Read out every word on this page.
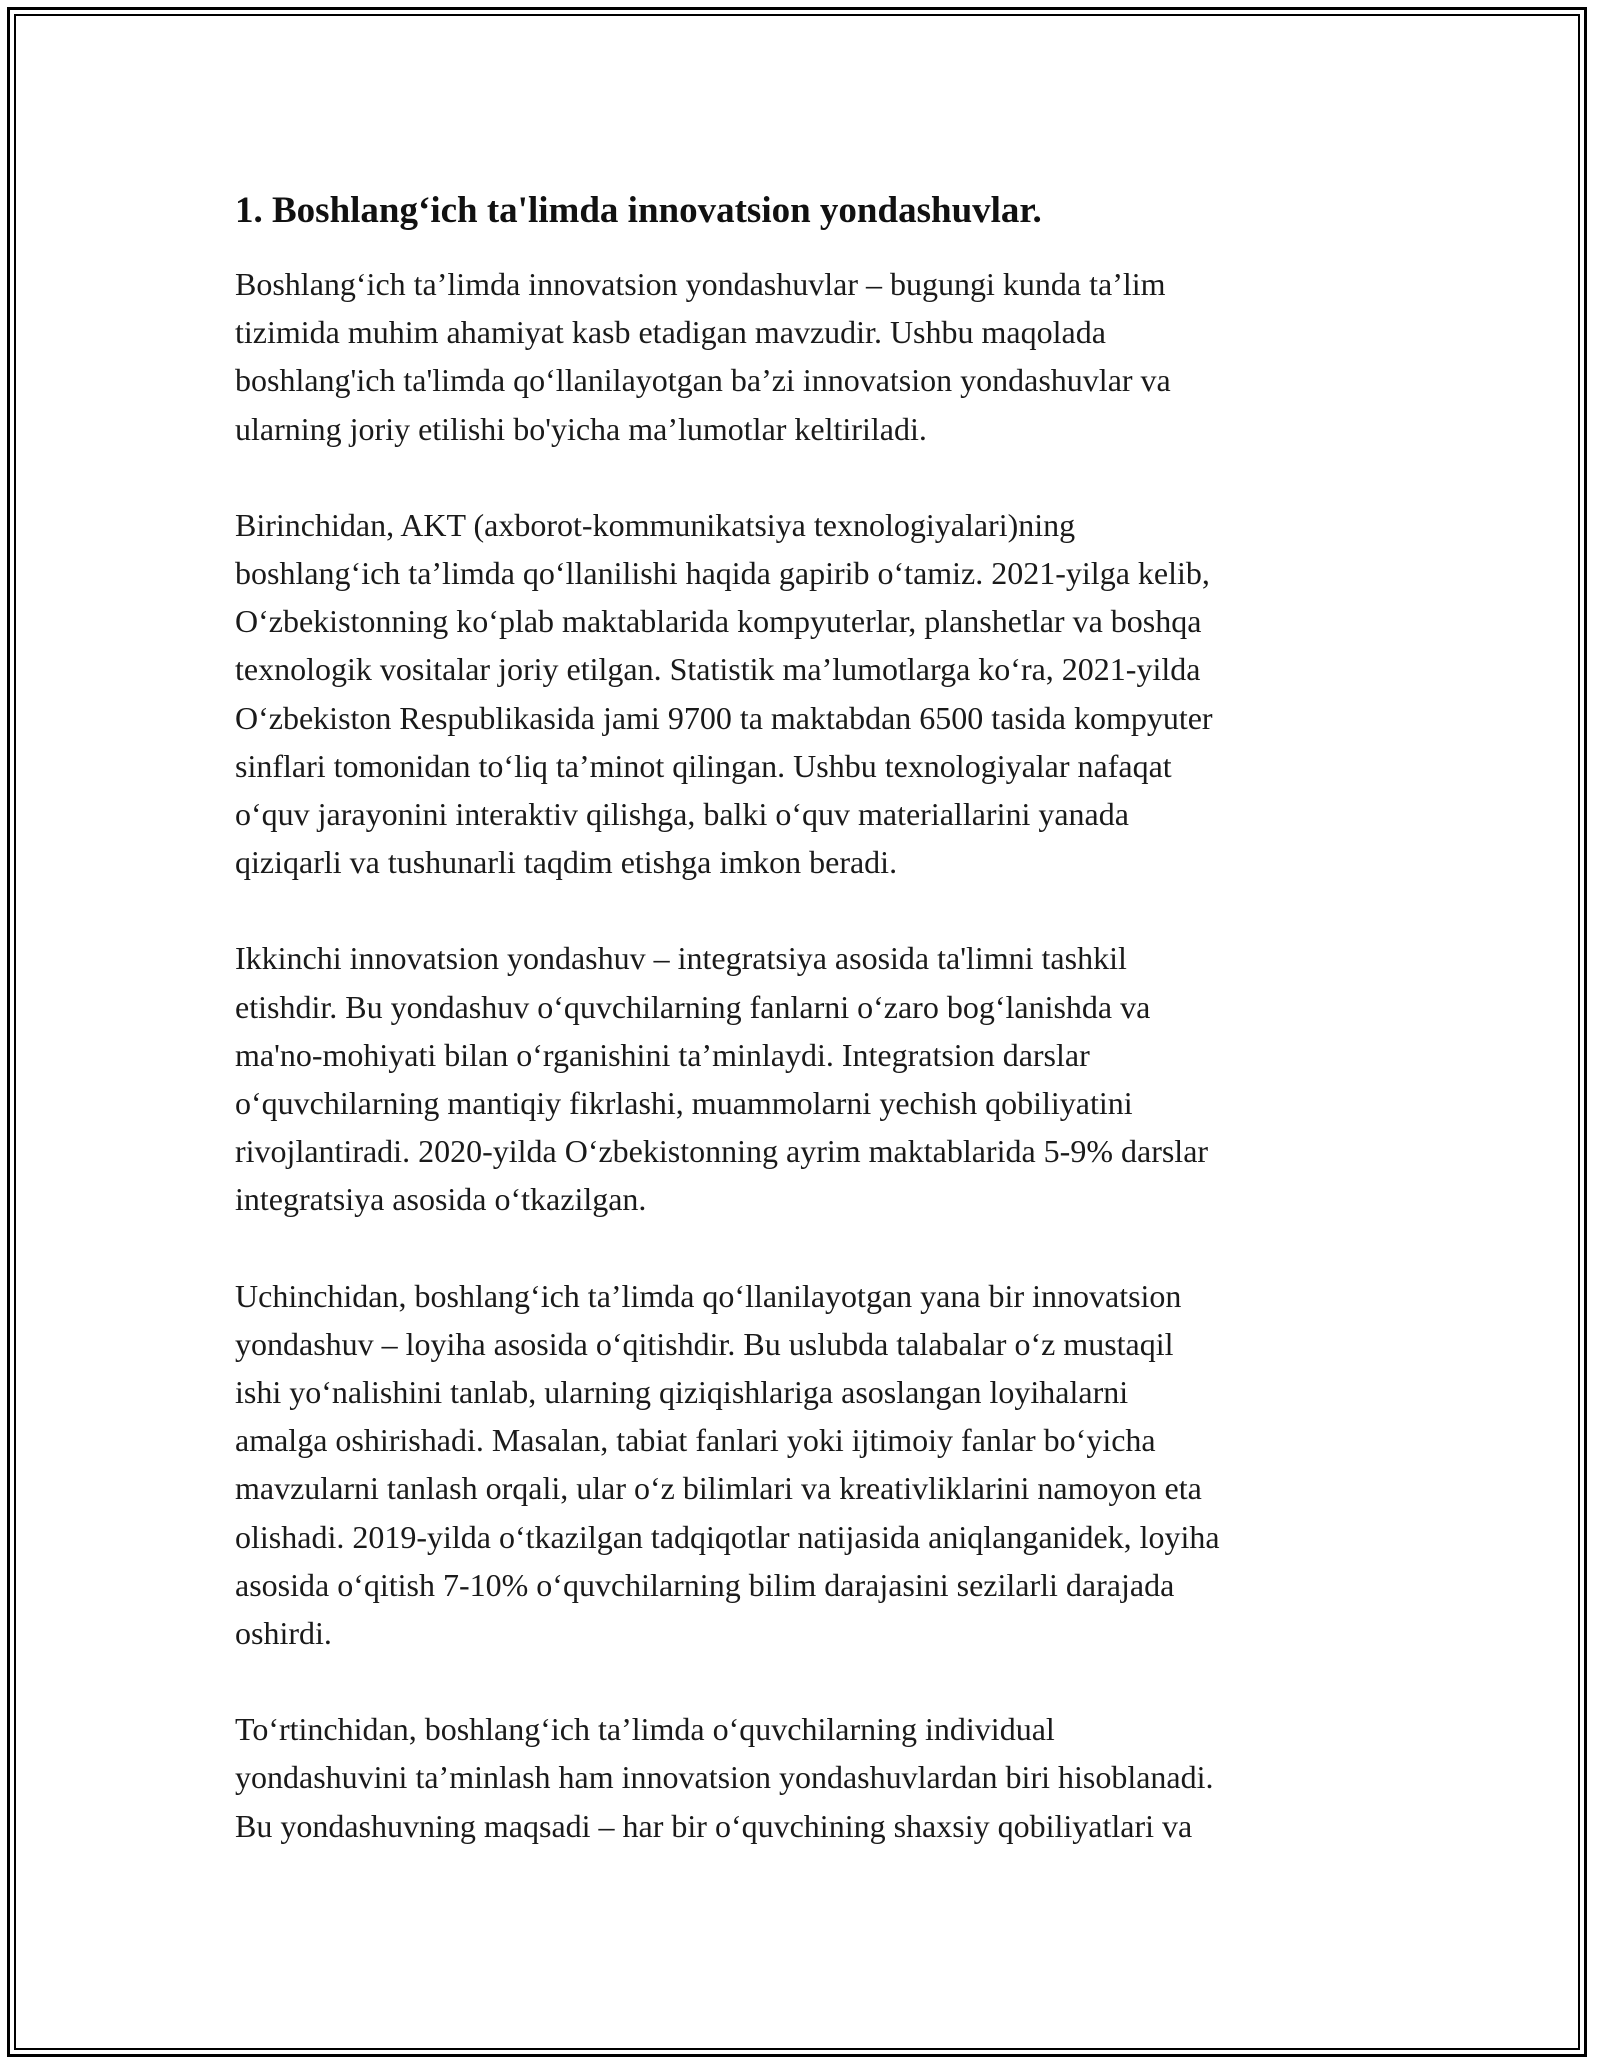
1. Boshlang‘ich ta'limda innovatsion yondashuvlar.

Boshlang‘ich ta’limda innovatsion yondashuvlar – bugungi kunda ta’lim
tizimida muhim ahamiyat kasb etadigan mavzudir. Ushbu maqolada
boshlang'ich ta'limda qo‘llanilayotgan ba’zi innovatsion yondashuvlar va
ularning joriy etilishi bo'yicha ma’lumotlar keltiriladi.

Birinchidan, AKT (axborot-kommunikatsiya texnologiyalari)ning
boshlang‘ich ta’limda qo‘llanilishi haqida gapirib o‘tamiz. 2021-yilga kelib,
O‘zbekistonning ko‘plab maktablarida kompyuterlar, planshetlar va boshqa
texnologik vositalar joriy etilgan. Statistik ma’lumotlarga ko‘ra, 2021-yilda
O‘zbekiston Respublikasida jami 9700 ta maktabdan 6500 tasida kompyuter
sinflari tomonidan to‘liq ta’minot qilingan. Ushbu texnologiyalar nafaqat
o‘quv jarayonini interaktiv qilishga, balki o‘quv materiallarini yanada
qiziqarli va tushunarli taqdim etishga imkon beradi.

Ikkinchi innovatsion yondashuv – integratsiya asosida ta'limni tashkil
etishdir. Bu yondashuv o‘quvchilarning fanlarni o‘zaro bog‘lanishda va
ma'no-mohiyati bilan o‘rganishini ta’minlaydi. Integratsion darslar
o‘quvchilarning mantiqiy fikrlashi, muammolarni yechish qobiliyatini
rivojlantiradi. 2020-yilda O‘zbekistonning ayrim maktablarida 5-9% darslar
integratsiya asosida o‘tkazilgan.

Uchinchidan, boshlang‘ich ta’limda qo‘llanilayotgan yana bir innovatsion
yondashuv – loyiha asosida o‘qitishdir. Bu uslubda talabalar o‘z mustaqil
ishi yo‘nalishini tanlab, ularning qiziqishlariga asoslangan loyihalarni
amalga oshirishadi. Masalan, tabiat fanlari yoki ijtimoiy fanlar bo‘yicha
mavzularni tanlash orqali, ular o‘z bilimlari va kreativliklarini namoyon eta
olishadi. 2019-yilda o‘tkazilgan tadqiqotlar natijasida aniqlanganidek, loyiha
asosida o‘qitish 7-10% o‘quvchilarning bilim darajasini sezilarli darajada
oshirdi.

To‘rtinchidan, boshlang‘ich ta’limda o‘quvchilarning individual
yondashuvini ta’minlash ham innovatsion yondashuvlardan biri hisoblanadi.
Bu yondashuvning maqsadi – har bir o‘quvchining shaxsiy qobiliyatlari va
